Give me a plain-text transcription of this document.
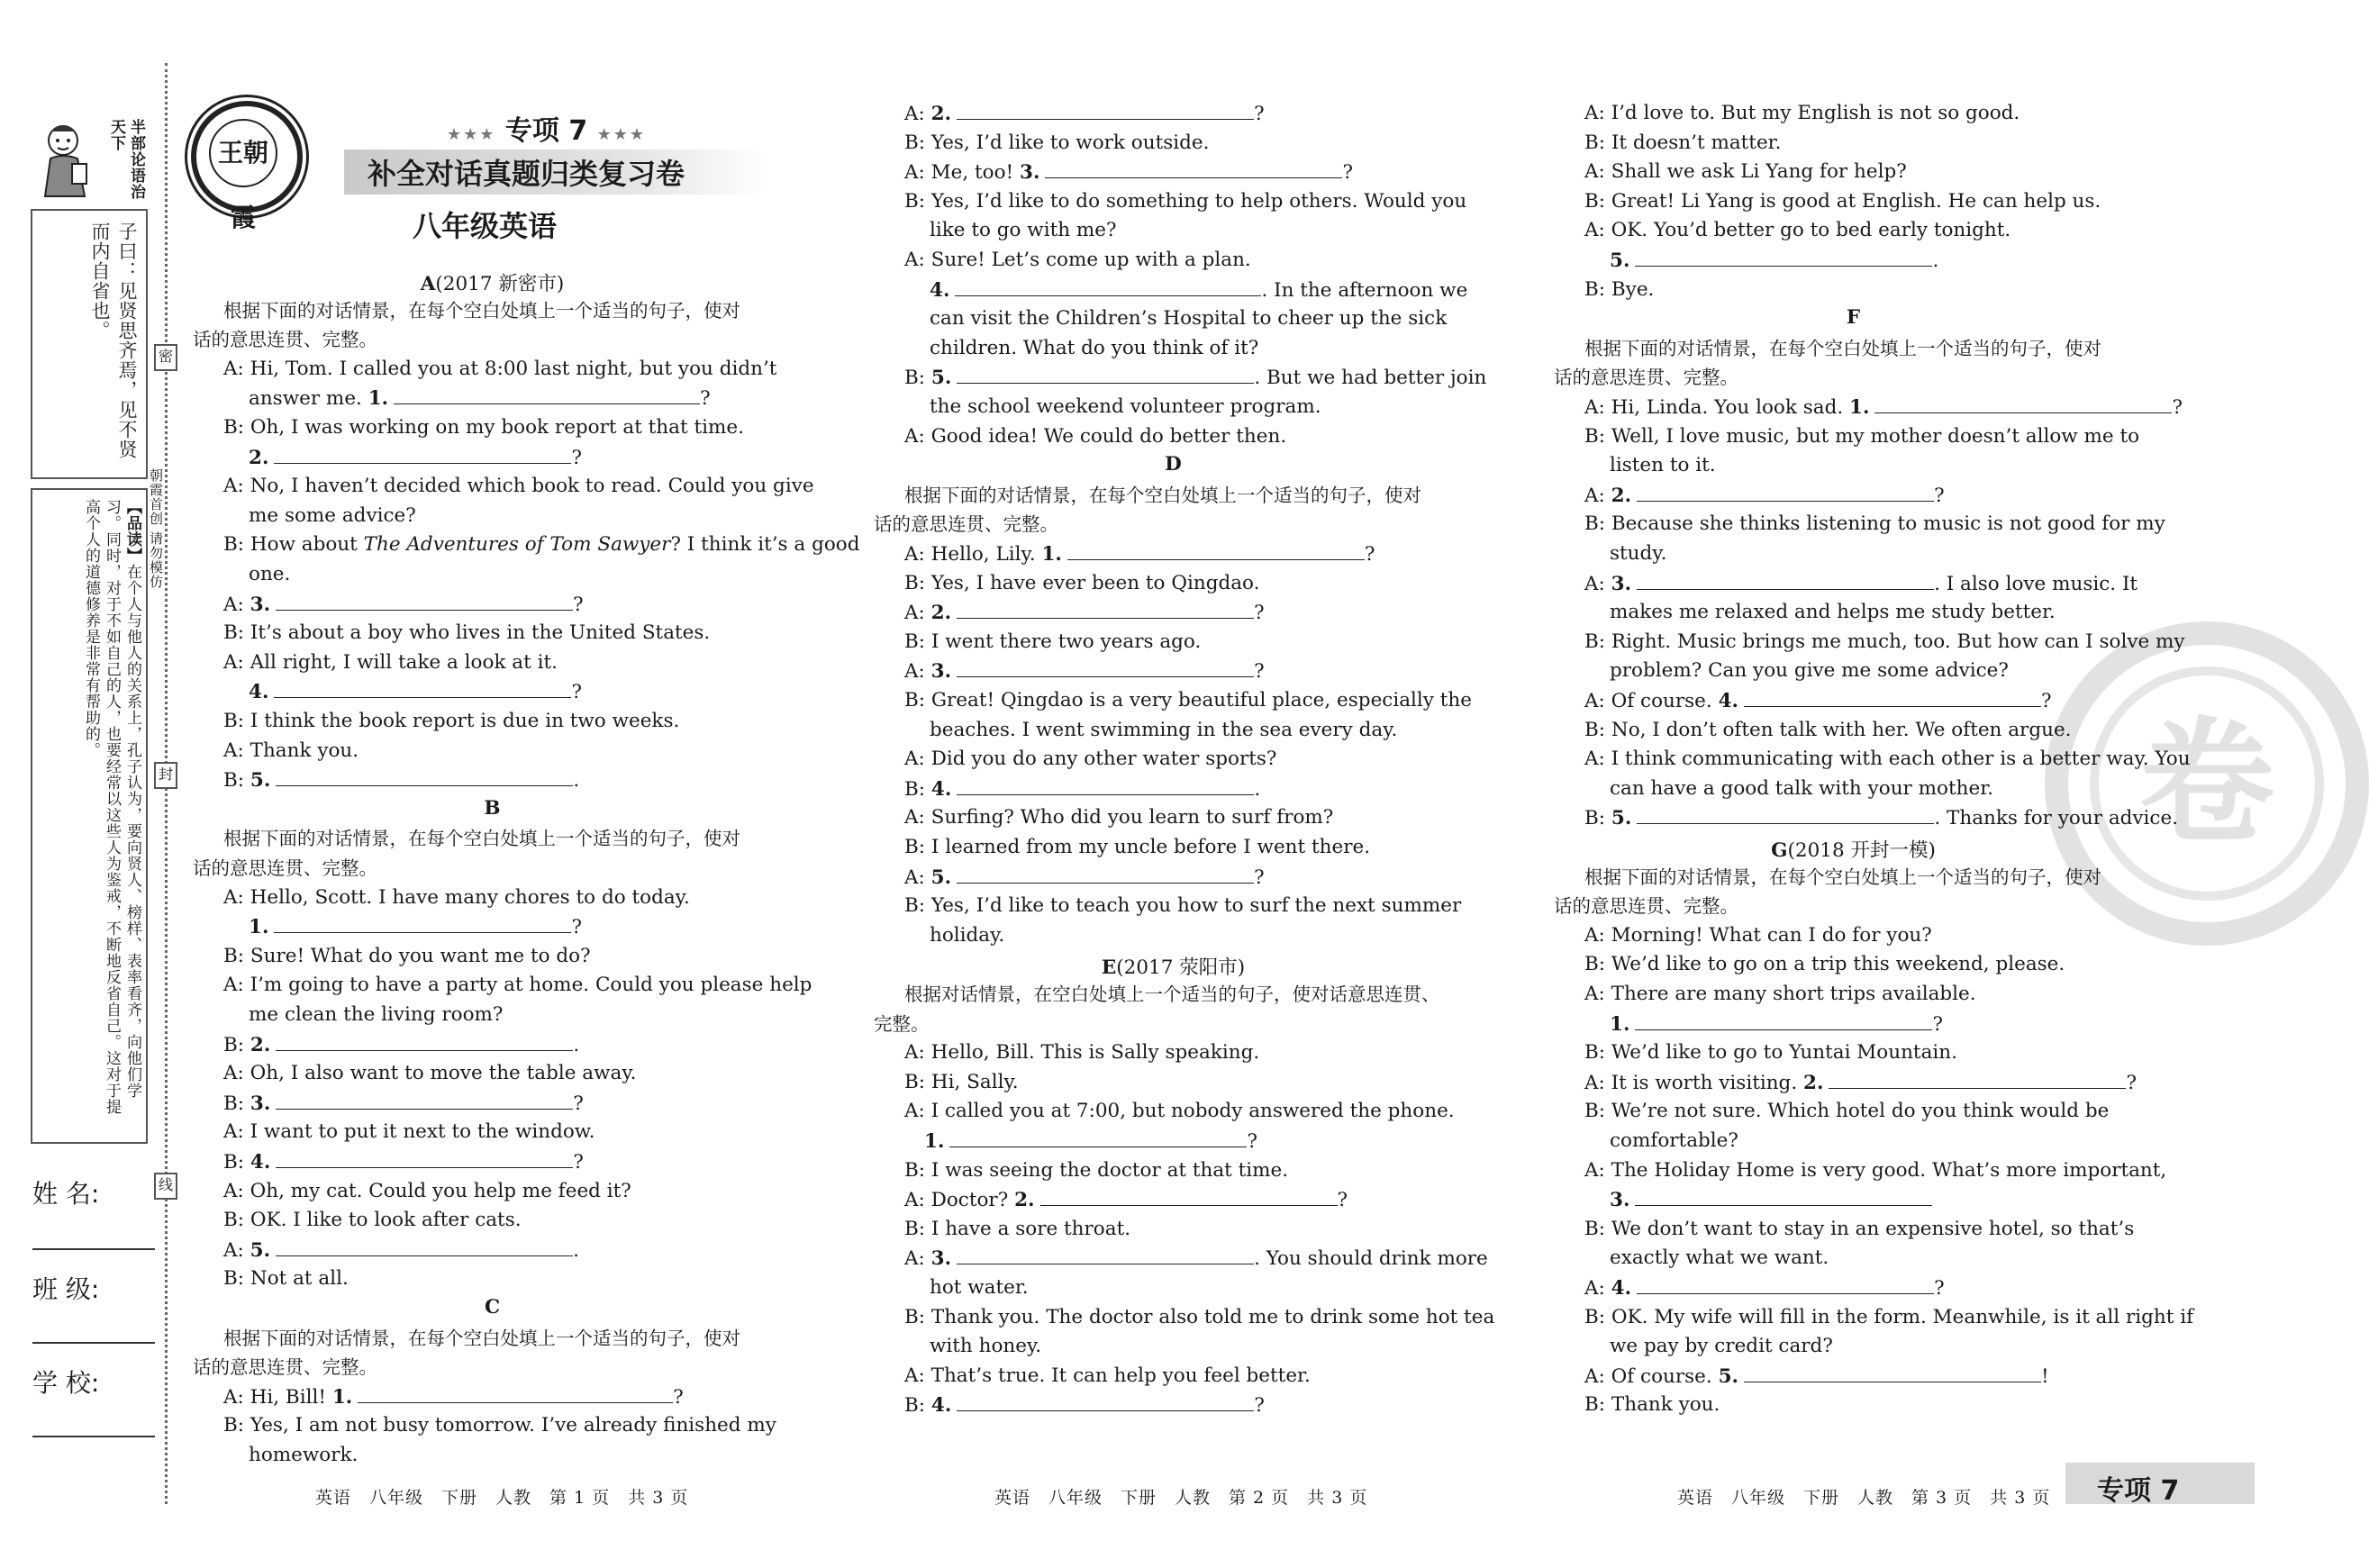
半部论语治天下
子曰：见贤思齐焉，见不贤而内自省也。
【品读】在个人与他人的关系上，孔子认为，要向贤人、榜样、表率看齐，向他们学习。同时，对于不如自己的人，也要经常以这些人为鉴戒，不断地反省自己。这对于提高个人的道德修养是非常有帮助的。
密
封
线
朝霞首创 请勿模仿
姓 名:
班 级:
学 校:
王朝霞
★★★ 专项 7 ★★★
补全对话真题归类复习卷
八年级英语
卷
A(2017 新密市)
根据下面的对话情景，在每个空白处填上一个适当的句子，使对
话的意思连贯、完整。
A: Hi, Tom. I called you at 8:00 last night, but you didn’t
answer me. 1.	?
B: Oh, I was working on my book report at that time.
2.	?
A: No, I haven’t decided which book to read. Could you give
me some advice?
B: How about The Adventures of Tom Sawyer? I think it’s a good
one.
A: 3.	?
B: It’s about a boy who lives in the United States.
A: All right, I will take a look at it.
4.	?
B: I think the book report is due in two weeks.
A: Thank you.
B: 5.	.
B
根据下面的对话情景，在每个空白处填上一个适当的句子，使对
话的意思连贯、完整。
A: Hello, Scott. I have many chores to do today.
1.	?
B: Sure! What do you want me to do?
A: I’m going to have a party at home. Could you please help
me clean the living room?
B: 2.	.
A: Oh, I also want to move the table away.
B: 3.	?
A: I want to put it next to the window.
B: 4.	?
A: Oh, my cat. Could you help me feed it?
B: OK. I like to look after cats.
A: 5.	.
B: Not at all.
C
根据下面的对话情景，在每个空白处填上一个适当的句子，使对
话的意思连贯、完整。
A: Hi, Bill! 1.	?
B: Yes, I am not busy tomorrow. I’ve already finished my
homework.
A: 2.	?
B: Yes, I’d like to work outside.
A: Me, too! 3.	?
B: Yes, I’d like to do something to help others. Would you
like to go with me?
A: Sure! Let’s come up with a plan.
4.	. In the afternoon we
can visit the Children’s Hospital to cheer up the sick
children. What do you think of it?
B: 5.	. But we had better join
the school weekend volunteer program.
A: Good idea! We could do better then.
D
根据下面的对话情景，在每个空白处填上一个适当的句子，使对
话的意思连贯、完整。
A: Hello, Lily. 1.	?
B: Yes, I have ever been to Qingdao.
A: 2.	?
B: I went there two years ago.
A: 3.	?
B: Great! Qingdao is a very beautiful place, especially the
beaches. I went swimming in the sea every day.
A: Did you do any other water sports?
B: 4.	.
A: Surfing? Who did you learn to surf from?
B: I learned from my uncle before I went there.
A: 5.	?
B: Yes, I’d like to teach you how to surf the next summer
holiday.
E(2017 荥阳市)
根据对话情景，在空白处填上一个适当的句子，使对话意思连贯、
完整。
A: Hello, Bill. This is Sally speaking.
B: Hi, Sally.
A: I called you at 7:00, but nobody answered the phone.
1.	?
B: I was seeing the doctor at that time.
A: Doctor? 2.	?
B: I have a sore throat.
A: 3.	. You should drink more
hot water.
B: Thank you. The doctor also told me to drink some hot tea
with honey.
A: That’s true. It can help you feel better.
B: 4.	?
A: I’d love to. But my English is not so good.
B: It doesn’t matter.
A: Shall we ask Li Yang for help?
B: Great! Li Yang is good at English. He can help us.
A: OK. You’d better go to bed early tonight.
5.	.
B: Bye.
F
根据下面的对话情景，在每个空白处填上一个适当的句子，使对
话的意思连贯、完整。
A: Hi, Linda. You look sad. 1.	?
B: Well, I love music, but my mother doesn’t allow me to
listen to it.
A: 2.	?
B: Because she thinks listening to music is not good for my
study.
A: 3.	. I also love music. It
makes me relaxed and helps me study better.
B: Right. Music brings me much, too. But how can I solve my
problem? Can you give me some advice?
A: Of course. 4.	?
B: No, I don’t often talk with her. We often argue.
A: I think communicating with each other is a better way. You
can have a good talk with your mother.
B: 5.	. Thanks for your advice.
G(2018 开封一模)
根据下面的对话情景，在每个空白处填上一个适当的句子，使对
话的意思连贯、完整。
A: Morning! What can I do for you?
B: We’d like to go on a trip this weekend, please.
A: There are many short trips available.
1.	?
B: We’d like to go to Yuntai Mountain.
A: It is worth visiting. 2.	?
B: We’re not sure. Which hotel do you think would be
comfortable?
A: The Holiday Home is very good. What’s more important,
3.
B: We don’t want to stay in an expensive hotel, so that’s
exactly what we want.
A: 4.	?
B: OK. My wife will fill in the form. Meanwhile, is it all right if
we pay by credit card?
A: Of course. 5.	!
B: Thank you.
英语　八年级　下册　人教　第 1 页　共 3 页	英语　八年级　下册　人教　第 2 页　共 3 页	英语　八年级　下册　人教　第 3 页　共 3 页 专项 7
